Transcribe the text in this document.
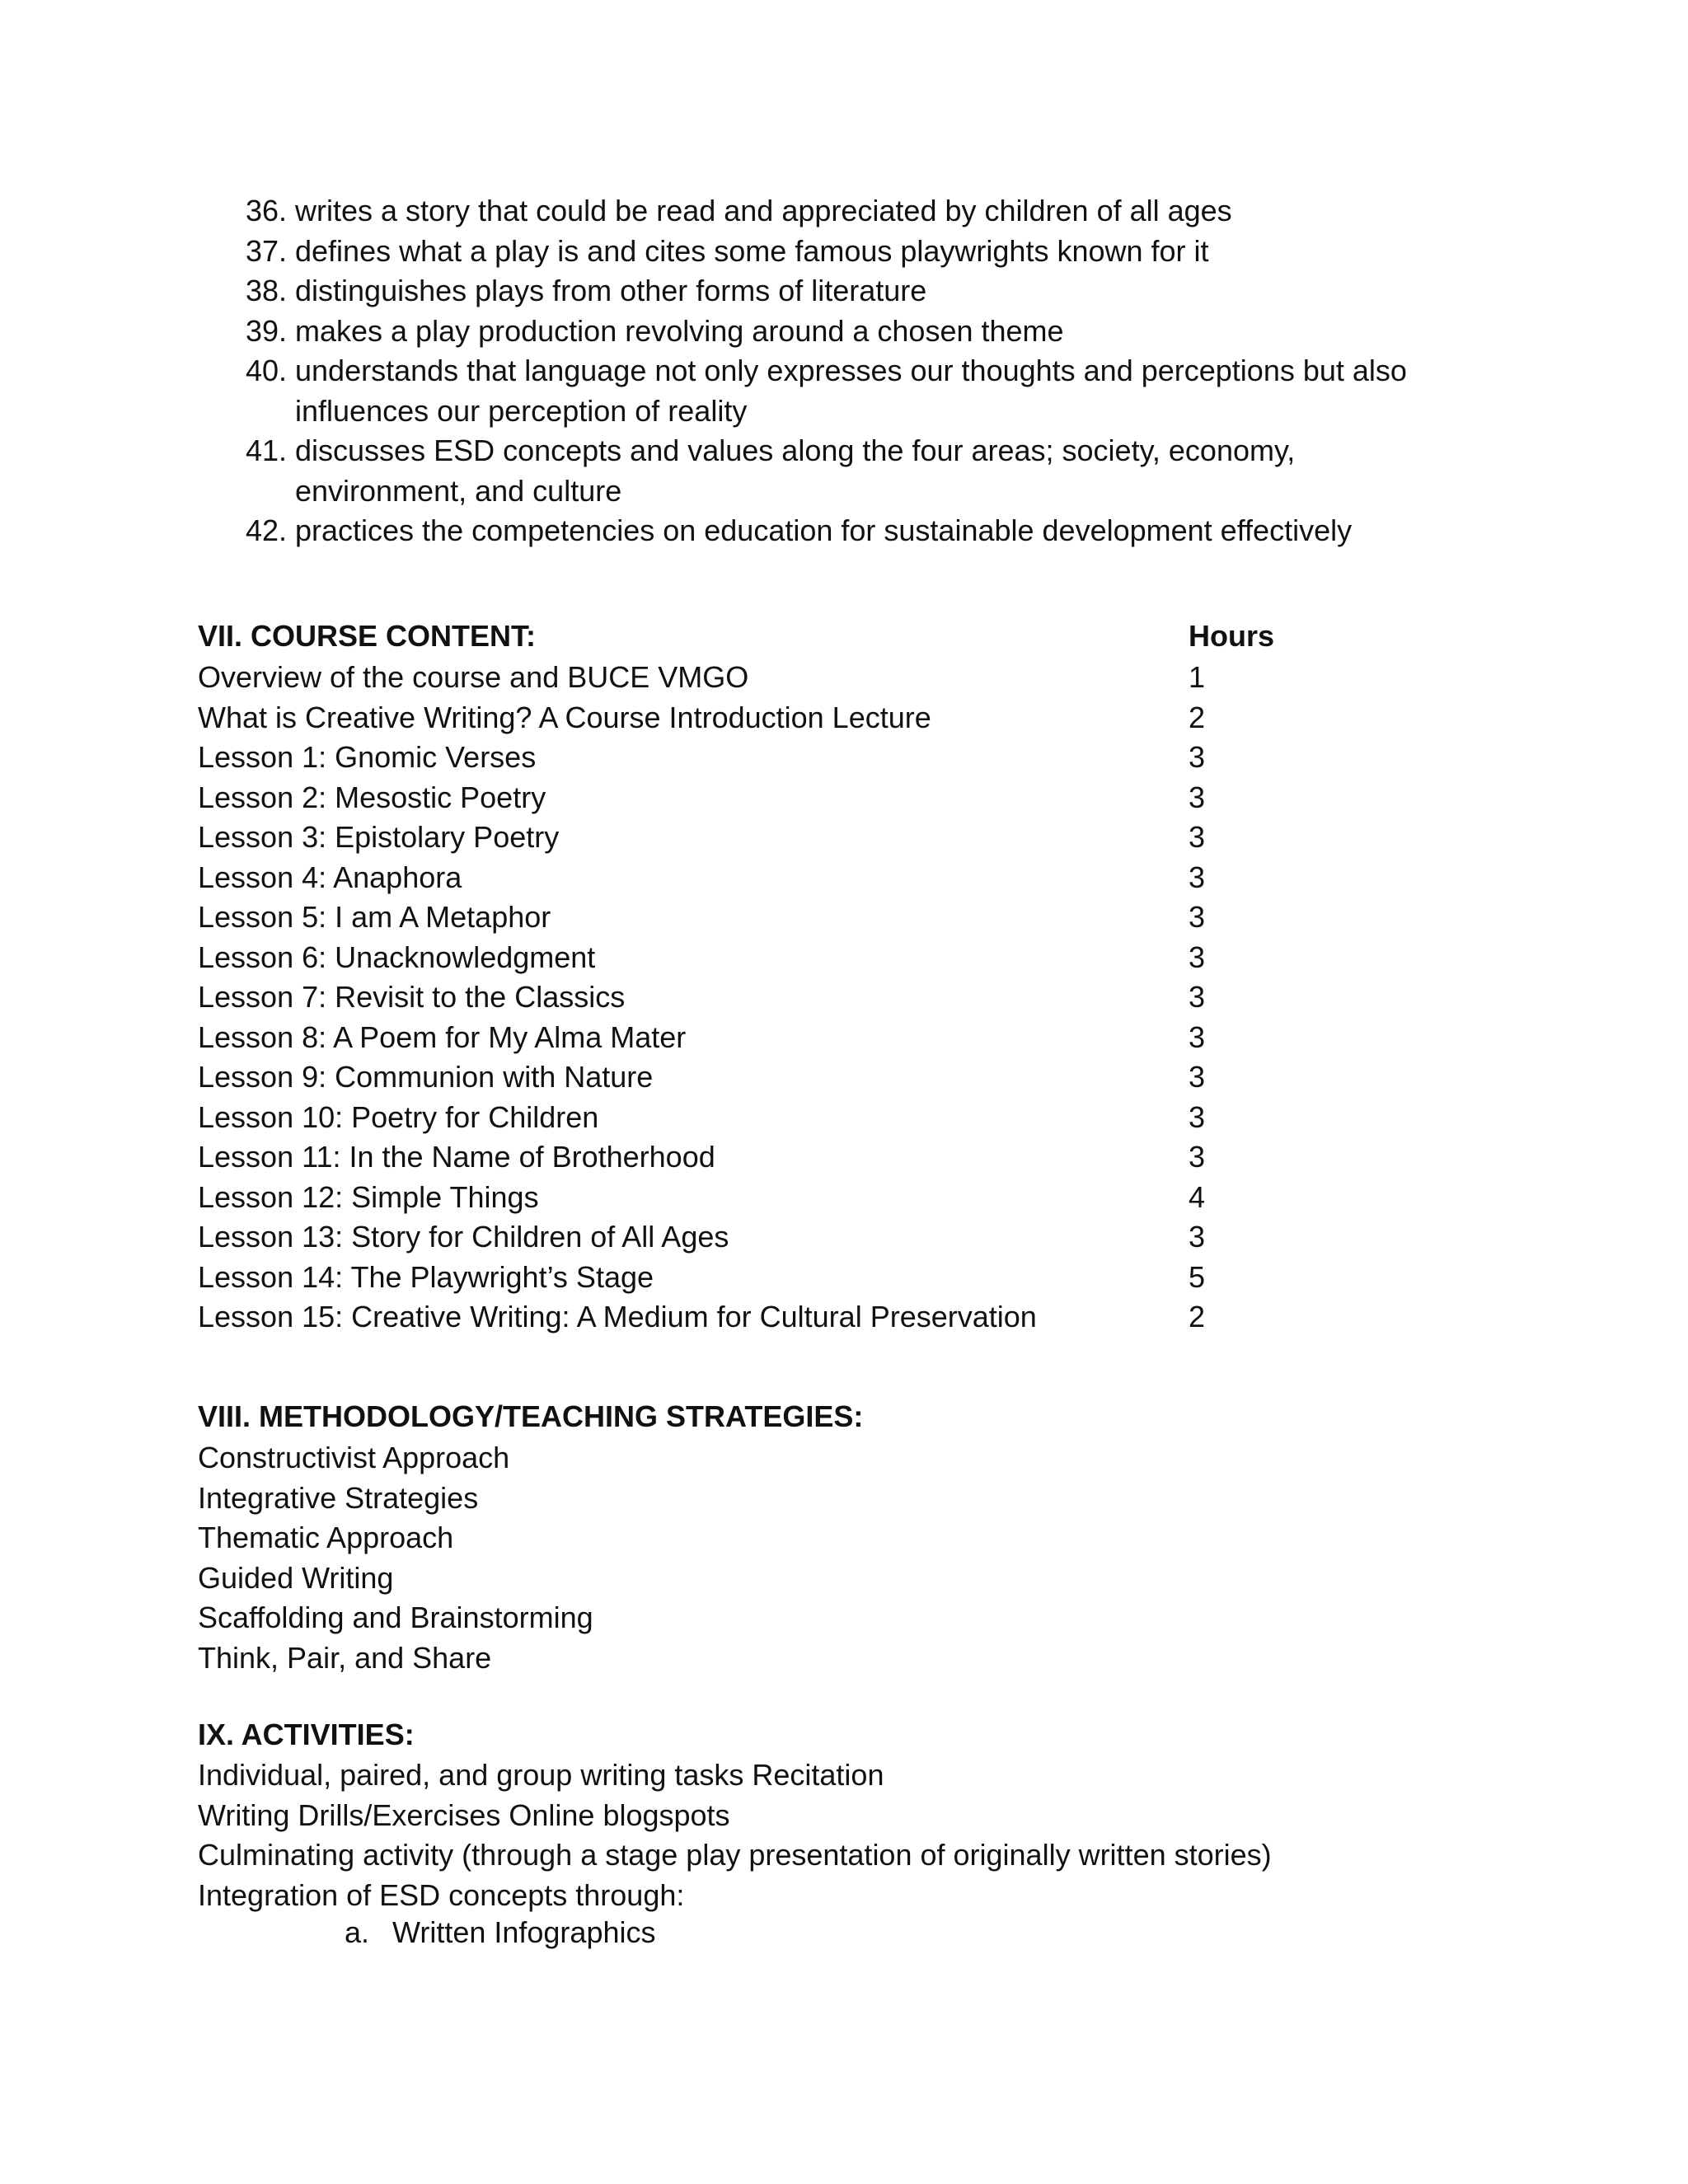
36. writes a story that could be read and appreciated by children of all ages
37. defines what a play is and cites some famous playwrights known for it
38. distinguishes plays from other forms of literature
39. makes a play production revolving around a chosen theme
40. understands that language not only expresses our thoughts and perceptions but also influences our perception of reality
41. discusses ESD concepts and values along the four areas; society, economy, environment, and culture
42. practices the competencies on education for sustainable development effectively
VII. COURSE CONTENT:	Hours
Overview of the course and BUCE VMGO	1
What is Creative Writing? A Course Introduction Lecture	2
Lesson 1: Gnomic Verses	3
Lesson 2: Mesostic Poetry	3
Lesson 3: Epistolary Poetry	3
Lesson 4: Anaphora	3
Lesson 5: I am A Metaphor	3
Lesson 6: Unacknowledgment	3
Lesson 7: Revisit to the Classics	3
Lesson 8: A Poem for My Alma Mater	3
Lesson 9: Communion with Nature	3
Lesson 10: Poetry for Children	3
Lesson 11: In the Name of Brotherhood	3
Lesson 12: Simple Things	4
Lesson 13: Story for Children of All Ages	3
Lesson 14: The Playwright’s Stage	5
Lesson 15: Creative Writing: A Medium for Cultural Preservation	2
VIII. METHODOLOGY/TEACHING STRATEGIES:
Constructivist Approach
Integrative Strategies
Thematic Approach
Guided Writing
Scaffolding and Brainstorming
Think, Pair, and Share
IX. ACTIVITIES:
Individual, paired, and group writing tasks Recitation
Writing Drills/Exercises Online blogspots
Culminating activity (through a stage play presentation of originally written stories)
Integration of ESD concepts through:
a. Written Infographics
